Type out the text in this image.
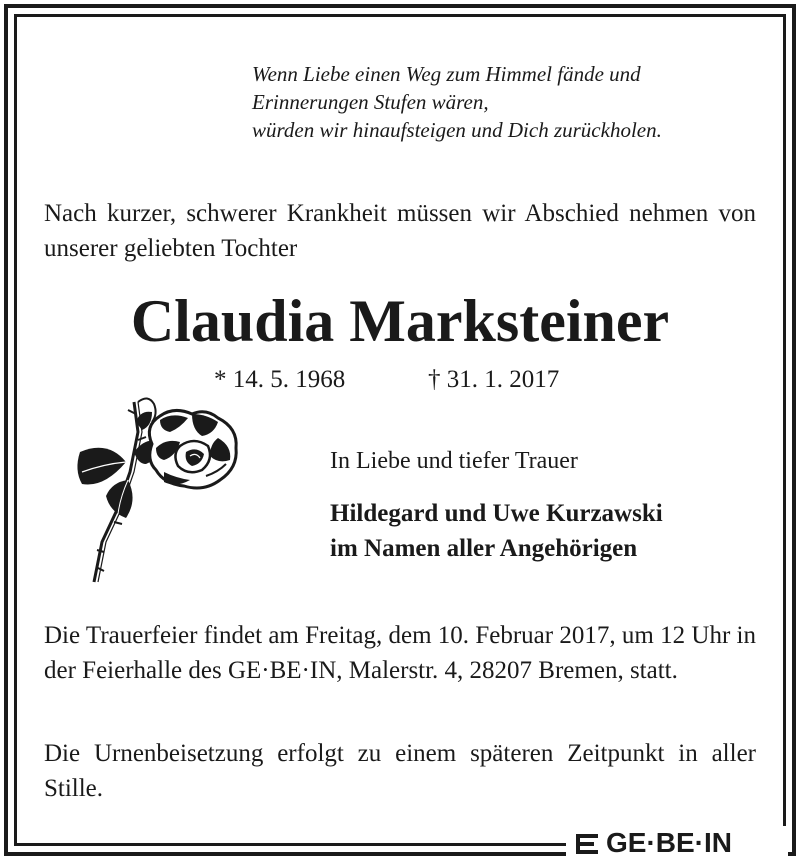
Wenn Liebe einen Weg zum Himmel fände und
Erinnerungen Stufen wären,
würden wir hinaufsteigen und Dich zurückholen.
Nach kurzer, schwerer Krankheit müssen wir Abschied nehmen von unserer geliebten Tochter
Claudia Marksteiner
* 14. 5. 1968	† 31. 1. 2017
In Liebe und tiefer Trauer
Hildegard und Uwe Kurzawski
im Namen aller Angehörigen
Die Trauerfeier findet am Freitag, dem 10. Februar 2017, um 12 Uhr in der Feierhalle des GE·BE·IN, Malerstr. 4, 28207 Bremen, statt.
Die Urnenbeisetzung erfolgt zu einem späteren Zeitpunkt in aller Stille.
GE·BE·IN
